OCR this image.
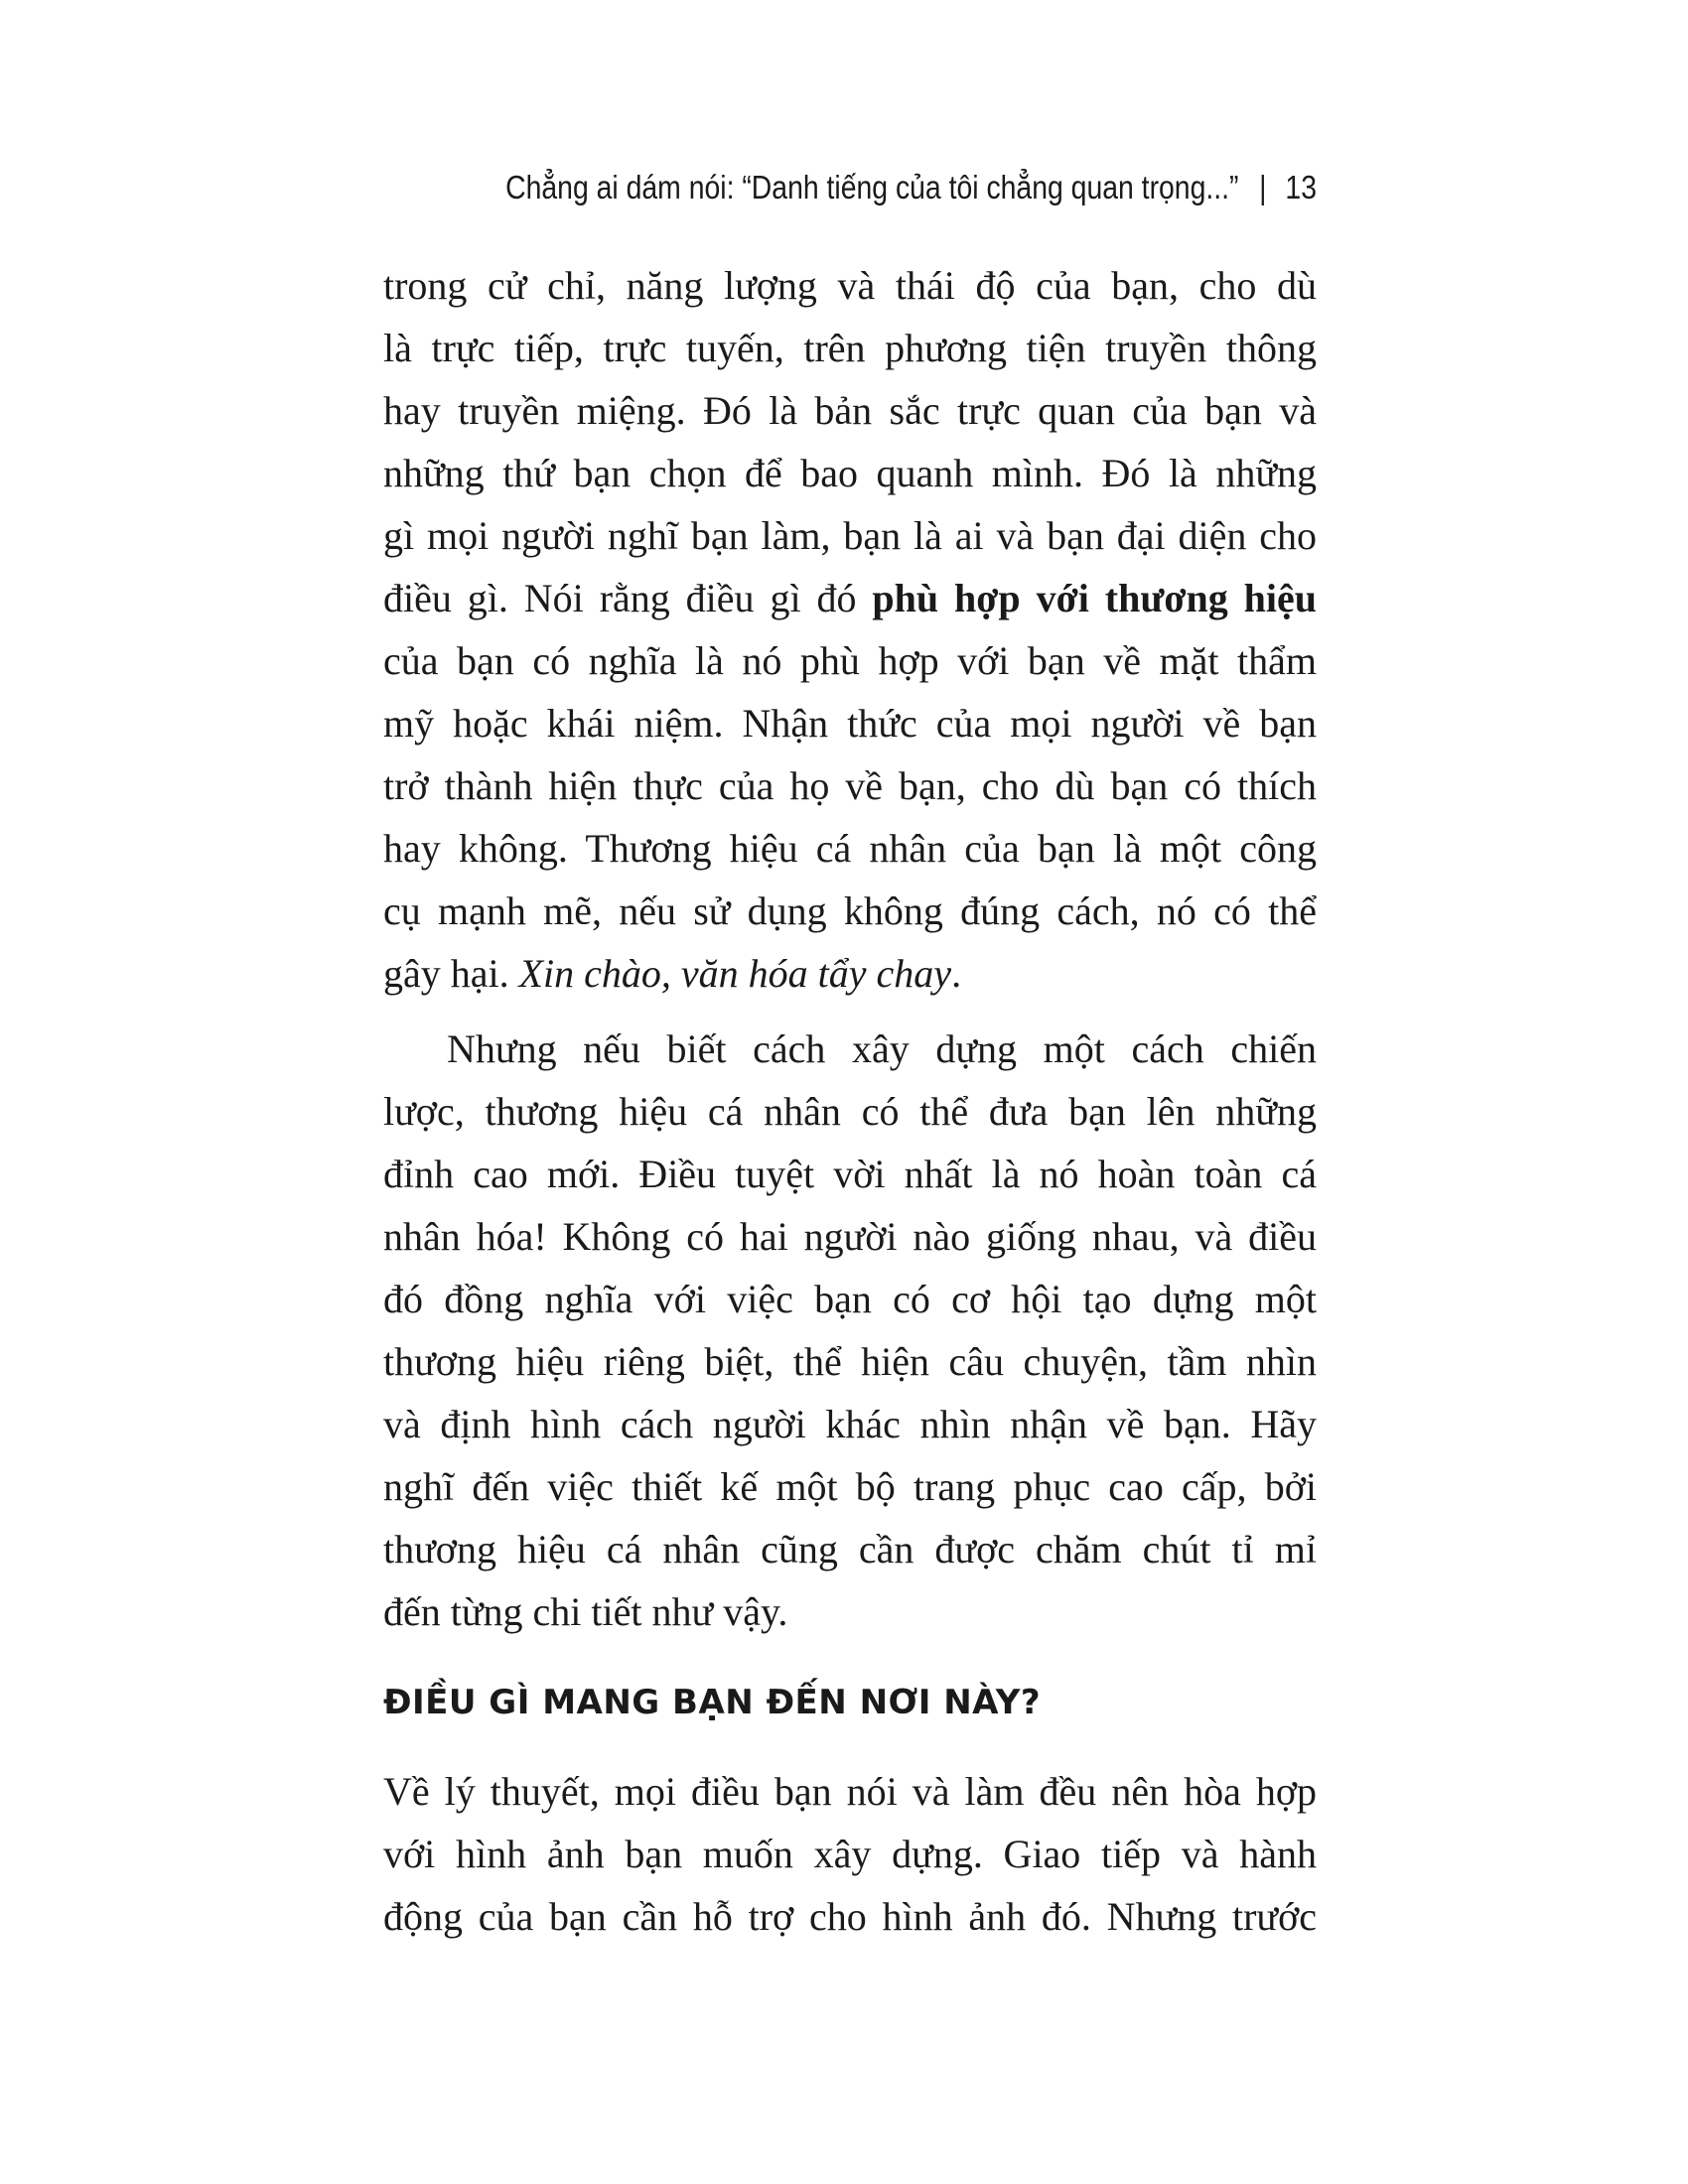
Chẳng ai dám nói: “Danh tiếng của tôi chẳng quan trọng...” | 13
trong cử chỉ, năng lượng và thái độ của bạn, cho dù
là trực tiếp, trực tuyến, trên phương tiện truyền thông
hay truyền miệng. Đó là bản sắc trực quan của bạn và
những thứ bạn chọn để bao quanh mình. Đó là những
gì mọi người nghĩ bạn làm, bạn là ai và bạn đại diện cho
điều gì. Nói rằng điều gì đó phù hợp với thương hiệu
của bạn có nghĩa là nó phù hợp với bạn về mặt thẩm
mỹ hoặc khái niệm. Nhận thức của mọi người về bạn
trở thành hiện thực của họ về bạn, cho dù bạn có thích
hay không. Thương hiệu cá nhân của bạn là một công
cụ mạnh mẽ, nếu sử dụng không đúng cách, nó có thể
gây hại. Xin chào, văn hóa tẩy chay.
Nhưng nếu biết cách xây dựng một cách chiến
lược, thương hiệu cá nhân có thể đưa bạn lên những
đỉnh cao mới. Điều tuyệt vời nhất là nó hoàn toàn cá
nhân hóa! Không có hai người nào giống nhau, và điều
đó đồng nghĩa với việc bạn có cơ hội tạo dựng một
thương hiệu riêng biệt, thể hiện câu chuyện, tầm nhìn
và định hình cách người khác nhìn nhận về bạn. Hãy
nghĩ đến việc thiết kế một bộ trang phục cao cấp, bởi
thương hiệu cá nhân cũng cần được chăm chút tỉ mỉ
đến từng chi tiết như vậy.
ĐIỀU GÌ MANG BẠN ĐẾN NƠI NÀY?
Về lý thuyết, mọi điều bạn nói và làm đều nên hòa hợp
với hình ảnh bạn muốn xây dựng. Giao tiếp và hành
động của bạn cần hỗ trợ cho hình ảnh đó. Nhưng trước
